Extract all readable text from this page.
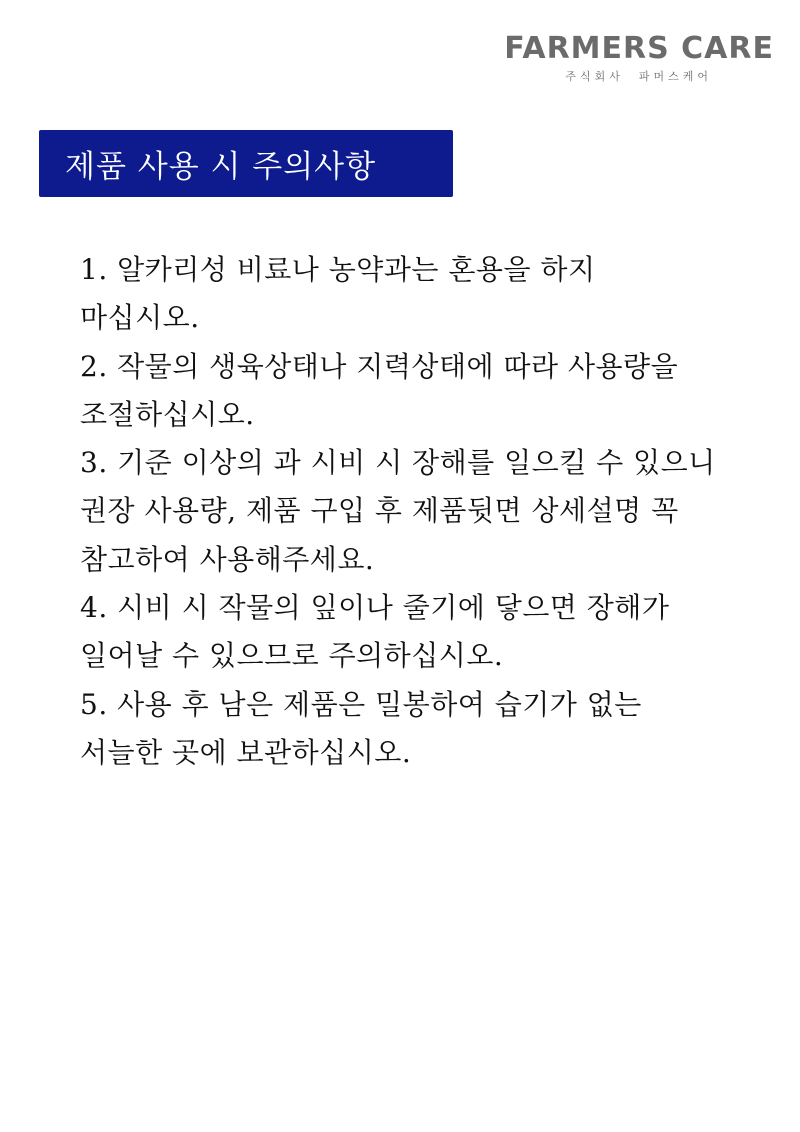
FARMERS CARE
주식회사  파머스케어
제품 사용 시 주의사항
1. 알카리성 비료나 농약과는 혼용을 하지
마십시오.
2. 작물의 생육상태나 지력상태에 따라 사용량을
조절하십시오.
3. 기준 이상의 과 시비 시 장해를 일으킬 수 있으니
권장 사용량, 제품 구입 후 제품뒷면 상세설명 꼭
참고하여 사용해주세요.
4. 시비 시 작물의 잎이나 줄기에 닿으면 장해가
일어날 수 있으므로 주의하십시오.
5. 사용 후 남은 제품은 밀봉하여 습기가 없는
서늘한 곳에 보관하십시오.
